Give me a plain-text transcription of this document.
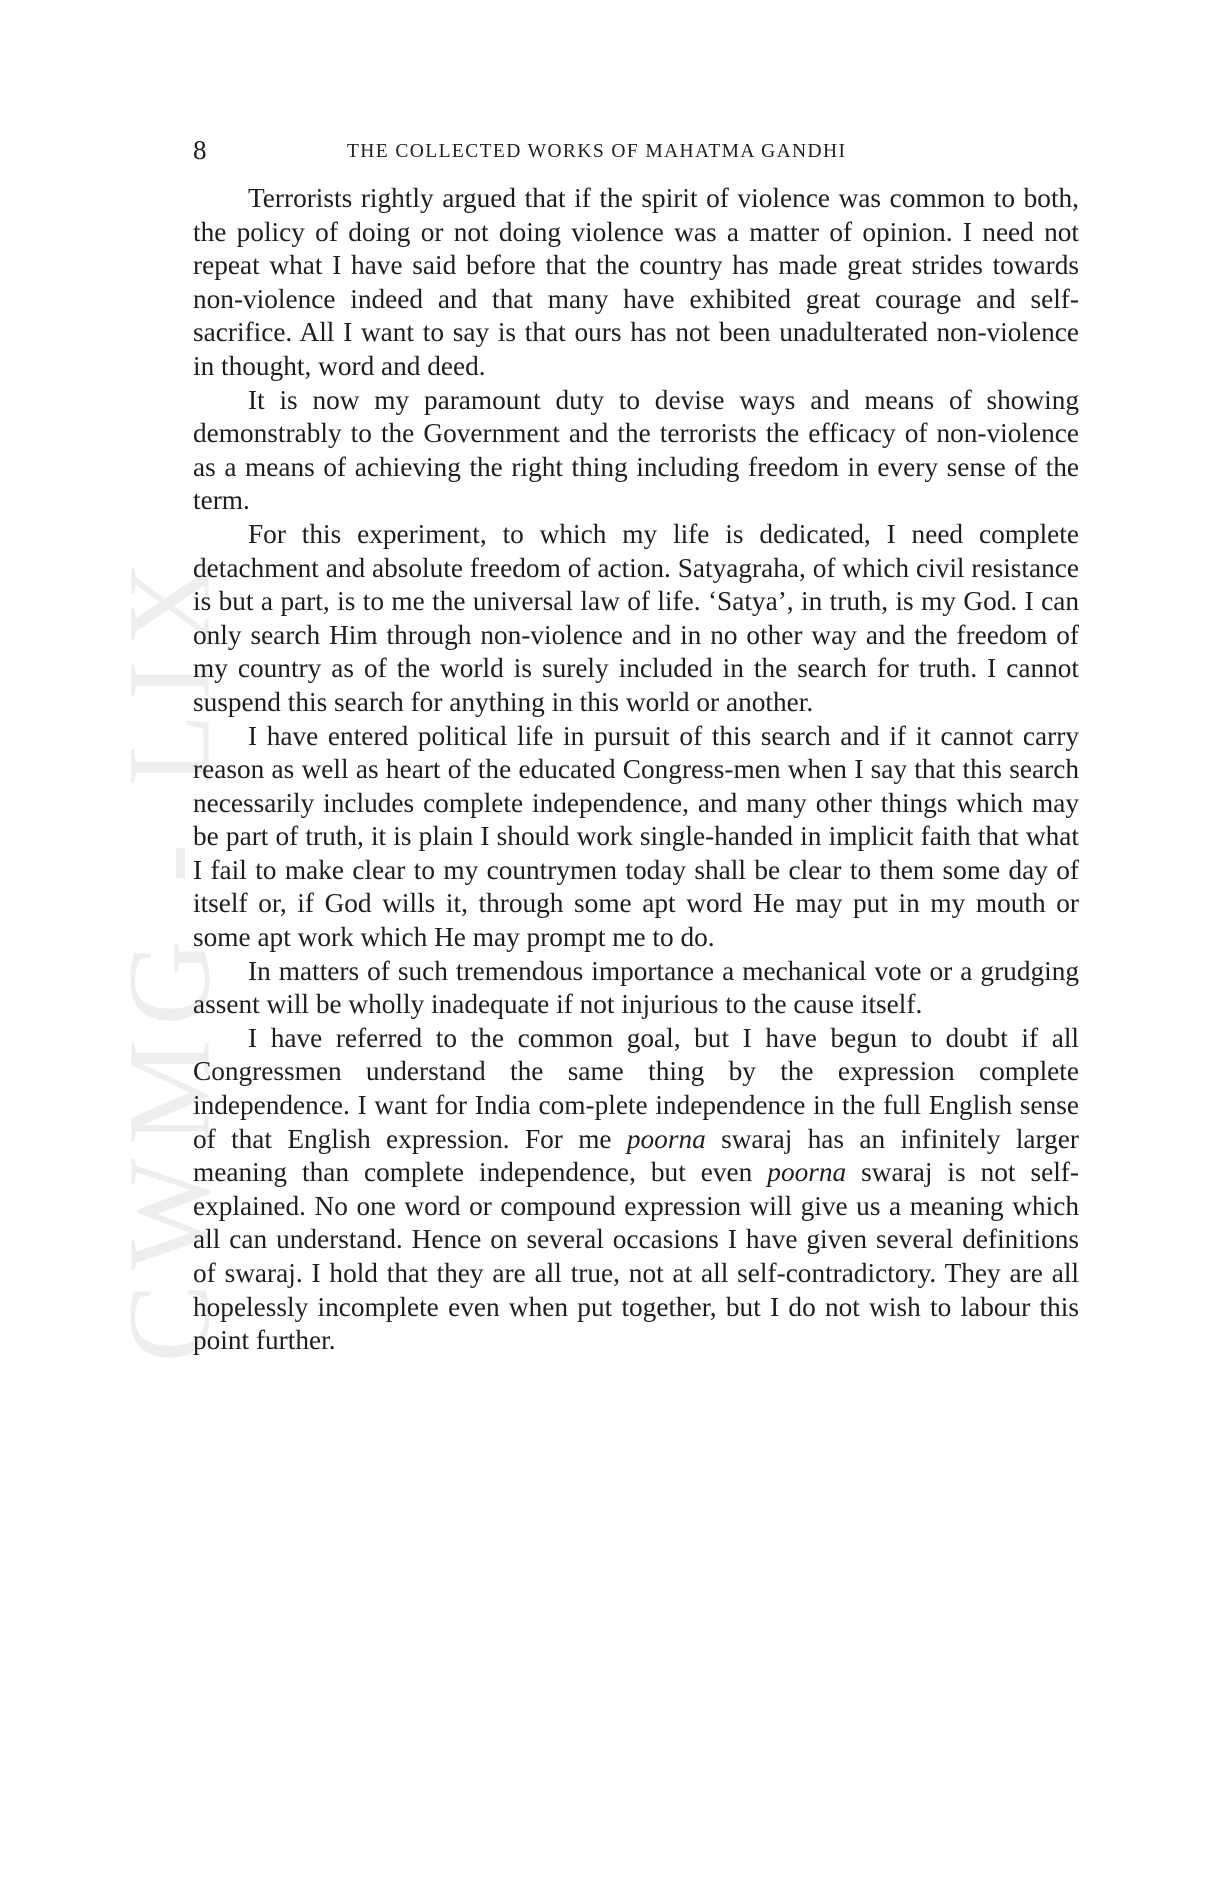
CWMG - LIX
8	THE COLLECTED WORKS OF MAHATMA GANDHI

Terrorists rightly argued that if the spirit of violence was common to both, the policy of doing or not doing violence was a matter of opinion. I need not repeat what I have said before that the country has made great strides towards non-violence indeed and that many have exhibited great courage and self-sacrifice. All I want to say is that ours has not been unadulterated non-violence in thought, word and deed.

It is now my paramount duty to devise ways and means of showing demonstrably to the Government and the terrorists the efficacy of non-violence as a means of achieving the right thing including freedom in every sense of the term.

For this experiment, to which my life is dedicated, I need complete detachment and absolute freedom of action. Satyagraha, of which civil resistance is but a part, is to me the universal law of life. ‘Satya’, in truth, is my God. I can only search Him through non-violence and in no other way and the freedom of my country as of the world is surely included in the search for truth. I cannot suspend this search for anything in this world or another.

I have entered political life in pursuit of this search and if it cannot carry reason as well as heart of the educated Congress-men when I say that this search necessarily includes complete independence, and many other things which may be part of truth, it is plain I should work single-handed in implicit faith that what I fail to make clear to my countrymen today shall be clear to them some day of itself or, if God wills it, through some apt word He may put in my mouth or some apt work which He may prompt me to do.

In matters of such tremendous importance a mechanical vote or a grudging assent will be wholly inadequate if not injurious to the cause itself.

I have referred to the common goal, but I have begun to doubt if all Congressmen understand the same thing by the expression complete independence. I want for India com-plete independence in the full English sense of that English expression. For me poorna swaraj has an infinitely larger meaning than complete independence, but even poorna swaraj is not self-explained. No one word or compound expression will give us a meaning which all can understand. Hence on several occasions I have given several definitions of swaraj. I hold that they are all true, not at all self-contradictory. They are all hopelessly incomplete even when put together, but I do not wish to labour this point further.
